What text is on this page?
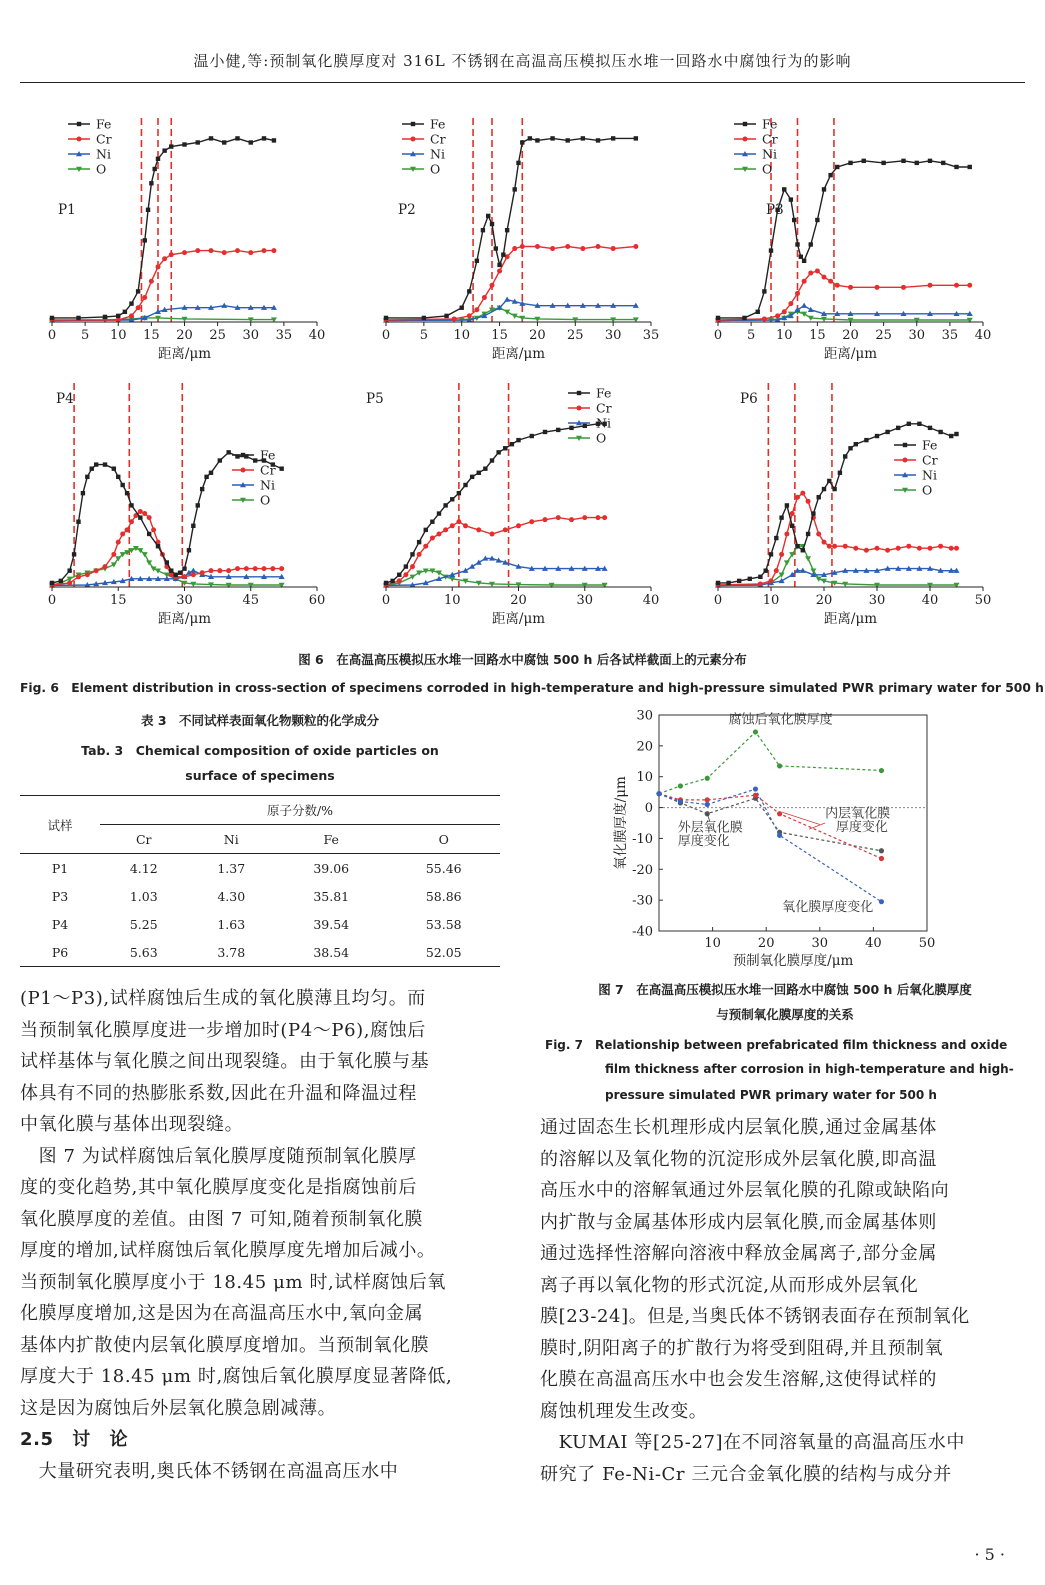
温小健,等:预制氧化膜厚度对 316L 不锈钢在高温高压模拟压水堆一回路水中腐蚀行为的影响
0 5 10 15 20 25 30 35 40
距离/μm
P1
Fe
Cr
Ni
O
0 5 10 15 20 25 30 35
距离/μm
P2
Fe
Cr
Ni
O
0 5 10 15 20 25 30 35 40
距离/μm
P3
Fe
Cr
Ni
O
0	15	30	45	60
距离/μm
P4
Fe
Cr
Ni
O
0	10	20	30	40
距离/μm
P5	Fe
Cr
Ni
O
0	10	20	30	40	50
距离/μm
P6
Fe
Cr
Ni
O
图 6　在高温高压模拟压水堆一回路水中腐蚀 500 h 后各试样截面上的元素分布
Fig. 6　Element distribution in cross-section of specimens corroded in high-temperature and high-pressure simulated PWR primary water for 500 h
表 3　不同试样表面氧化物颗粒的化学成分
Tab. 3　Chemical composition of oxide particles on
surface of specimens
试样	原子分数/%			
	Cr	Ni	Fe	O
P1	4.12	1.37	39.06	55.46
P3	1.03	4.30	35.81	58.86
P4	5.25	1.63	39.54	53.58
P6	5.63	3.78	38.54	52.05
-40
-30
-20
-10
0
10
20
30
10	20	30	40	50
预制氧化膜厚度/μm
氧化膜厚度/μm
腐蚀后氧化膜厚度
内层氧化膜
厚度变化
外层氧化膜
厚度变化
氧化膜厚度变化
图 7　在高温高压模拟压水堆一回路水中腐蚀 500 h 后氧化膜厚度
与预制氧化膜厚度的关系
Fig. 7　Relationship between prefabricated film thickness and oxide
film thickness after corrosion in high-temperature and high-
pressure simulated PWR primary water for 500 h
(P1～P3),试样腐蚀后生成的氧化膜薄且均匀。而
当预制氧化膜厚度进一步增加时(P4～P6),腐蚀后
试样基体与氧化膜之间出现裂缝。由于氧化膜与基
体具有不同的热膨胀系数,因此在升温和降温过程
中氧化膜与基体出现裂缝。
　图 7 为试样腐蚀后氧化膜厚度随预制氧化膜厚
度的变化趋势,其中氧化膜厚度变化是指腐蚀前后
氧化膜厚度的差值。由图 7 可知,随着预制氧化膜
厚度的增加,试样腐蚀后氧化膜厚度先增加后减小。
当预制氧化膜厚度小于 18.45 μm 时,试样腐蚀后氧
化膜厚度增加,这是因为在高温高压水中,氧向金属
基体内扩散使内层氧化膜厚度增加。当预制氧化膜
厚度大于 18.45 μm 时,腐蚀后氧化膜厚度显著降低,
这是因为腐蚀后外层氧化膜急剧减薄。
2.5　讨　论
　大量研究表明,奥氏体不锈钢在高温高压水中
通过固态生长机理形成内层氧化膜,通过金属基体
的溶解以及氧化物的沉淀形成外层氧化膜,即高温
高压水中的溶解氧通过外层氧化膜的孔隙或缺陷向
内扩散与金属基体形成内层氧化膜,而金属基体则
通过选择性溶解向溶液中释放金属离子,部分金属
离子再以氧化物的形式沉淀,从而形成外层氧化
膜[23-24]。但是,当奥氏体不锈钢表面存在预制氧化
膜时,阴阳离子的扩散行为将受到阻碍,并且预制氧
化膜在高温高压水中也会发生溶解,这使得试样的
腐蚀机理发生改变。
　KUMAI 等[25-27]在不同溶氧量的高温高压水中
研究了 Fe-Ni-Cr 三元合金氧化膜的结构与成分并
· 5 ·
